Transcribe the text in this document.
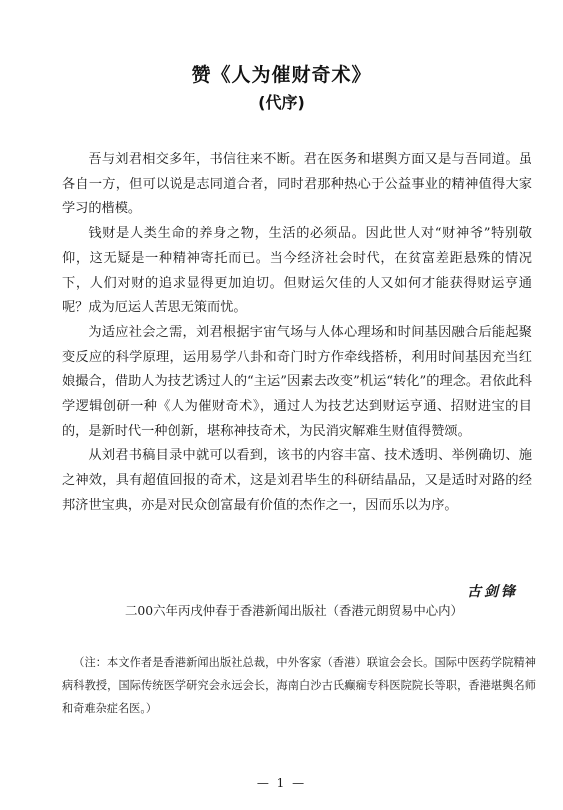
赞《人为催财奇术》
(代序)

吾与刘君相交多年，书信往来不断。君在医务和堪舆方面又是与吾同道。虽各自一方，但可以说是志同道合者，同时君那种热心于公益事业的精神值得大家学习的楷模。

钱财是人类生命的养身之物，生活的必须品。因此世人对“财神爷”特别敬仰，这无疑是一种精神寄托而已。当今经济社会时代，在贫富差距悬殊的情况下，人们对财的追求显得更加迫切。但财运欠佳的人又如何才能获得财运亨通呢？成为厄运人苦思无策而忧。

为适应社会之需，刘君根据宇宙气场与人体心理场和时间基因融合后能起聚变反应的科学原理，运用易学八卦和奇门时方作牵线搭桥，利用时间基因充当红娘撮合，借助人为技艺诱过人的“主运”因素去改变”机运“转化”的理念。君依此科学逻辑创研一种《人为催财奇术》，通过人为技艺达到财运亨通、招财进宝的目的，是新时代一种创新，堪称神技奇术，为民消灾解难生财值得赞颂。

从刘君书稿目录中就可以看到，该书的内容丰富、技术透明、举例确切、施之神效，具有超值回报的奇术，这是刘君毕生的科研结晶品，又是适时对路的经邦济世宝典，亦是对民众创富最有价值的杰作之一，因而乐以为序。

古剑锋
二00六年丙戌仲春于香港新闻出版社（香港元朗贸易中心内）
（注：本文作者是香港新闻出版社总裁，中外客家（香港）联谊会会长。国际中医药学院精神病科教授，国际传统医学研究会永远会长，海南白沙古氏癫痫专科医院院长等职，香港堪舆名师和奇难杂症名医。）
— 1 —
